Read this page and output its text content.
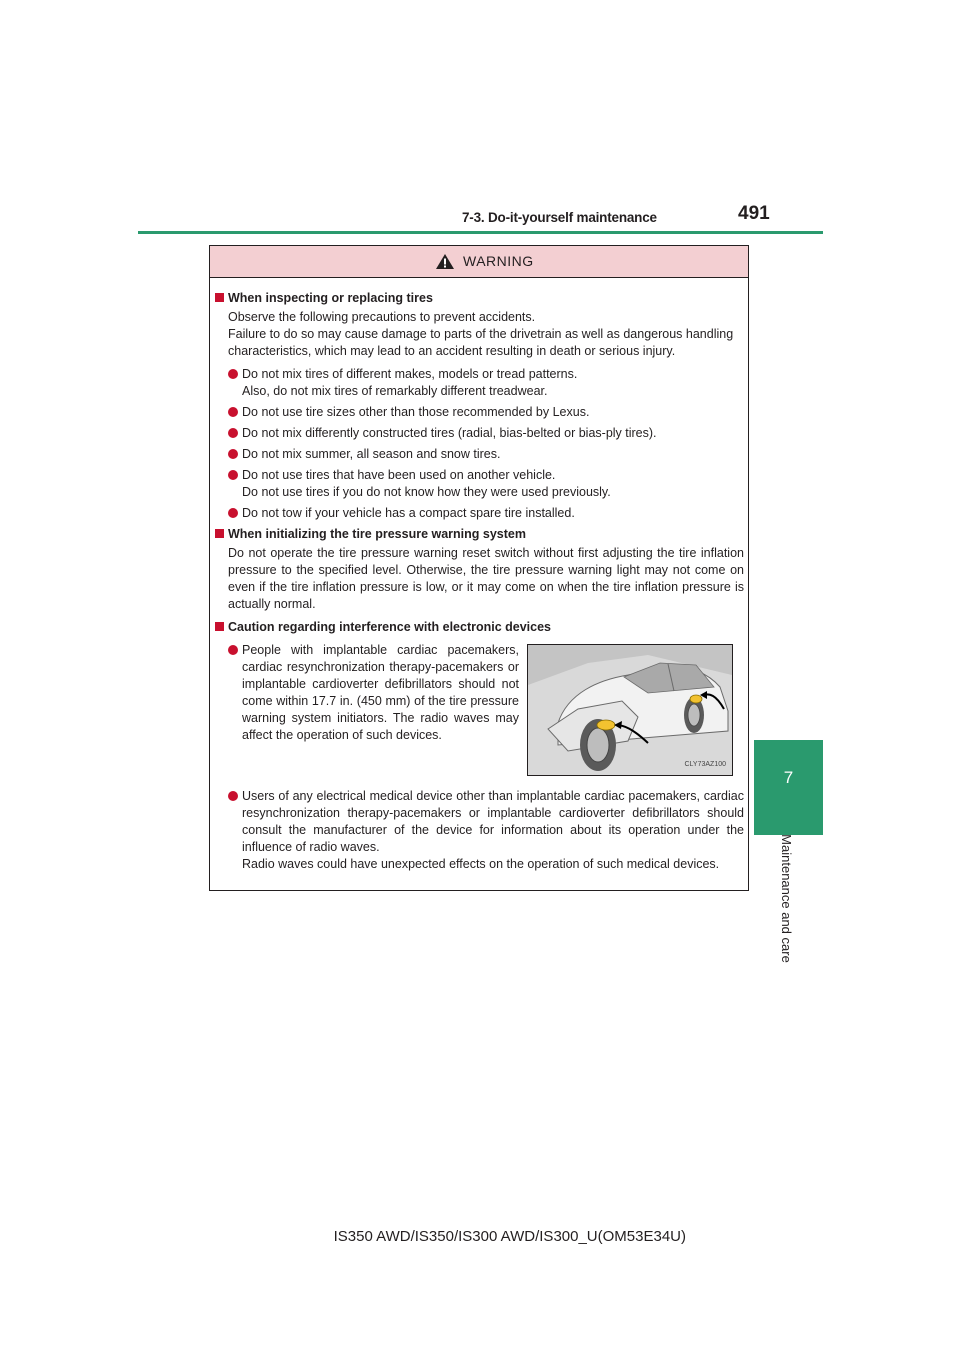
7-3. Do-it-yourself maintenance	491
7
Maintenance and care
WARNING
When inspecting or replacing tires
Observe the following precautions to prevent accidents.
Failure to do so may cause damage to parts of the drivetrain as well as dangerous handling characteristics, which may lead to an accident resulting in death or serious injury.
Do not mix tires of different makes, models or tread patterns.
Also, do not mix tires of remarkably different treadwear.
Do not use tire sizes other than those recommended by Lexus.
Do not mix differently constructed tires (radial, bias-belted or bias-ply tires).
Do not mix summer, all season and snow tires.
Do not use tires that have been used on another vehicle.
Do not use tires if you do not know how they were used previously.
Do not tow if your vehicle has a compact spare tire installed.
When initializing the tire pressure warning system
Do not operate the tire pressure warning reset switch without first adjusting the tire inflation pressure to the specified level. Otherwise, the tire pressure warning light may not come on even if the tire inflation pressure is low, or it may come on when the tire inflation pressure is actually normal.
Caution regarding interference with electronic devices
People with implantable cardiac pacemakers, cardiac resynchronization therapy-pacemakers or implantable cardioverter defibrillators should not come within 17.7 in. (450 mm) of the tire pressure warning system initiators. The radio waves may affect the operation of such devices.
CLY73AZ100
Users of any electrical medical device other than implantable cardiac pacemakers, cardiac resynchronization therapy-pacemakers or implantable cardioverter defibrillators should consult the manufacturer of the device for information about its operation under the influence of radio waves.
Radio waves could have unexpected effects on the operation of such medical devices.
IS350 AWD/IS350/IS300 AWD/IS300_U(OM53E34U)
